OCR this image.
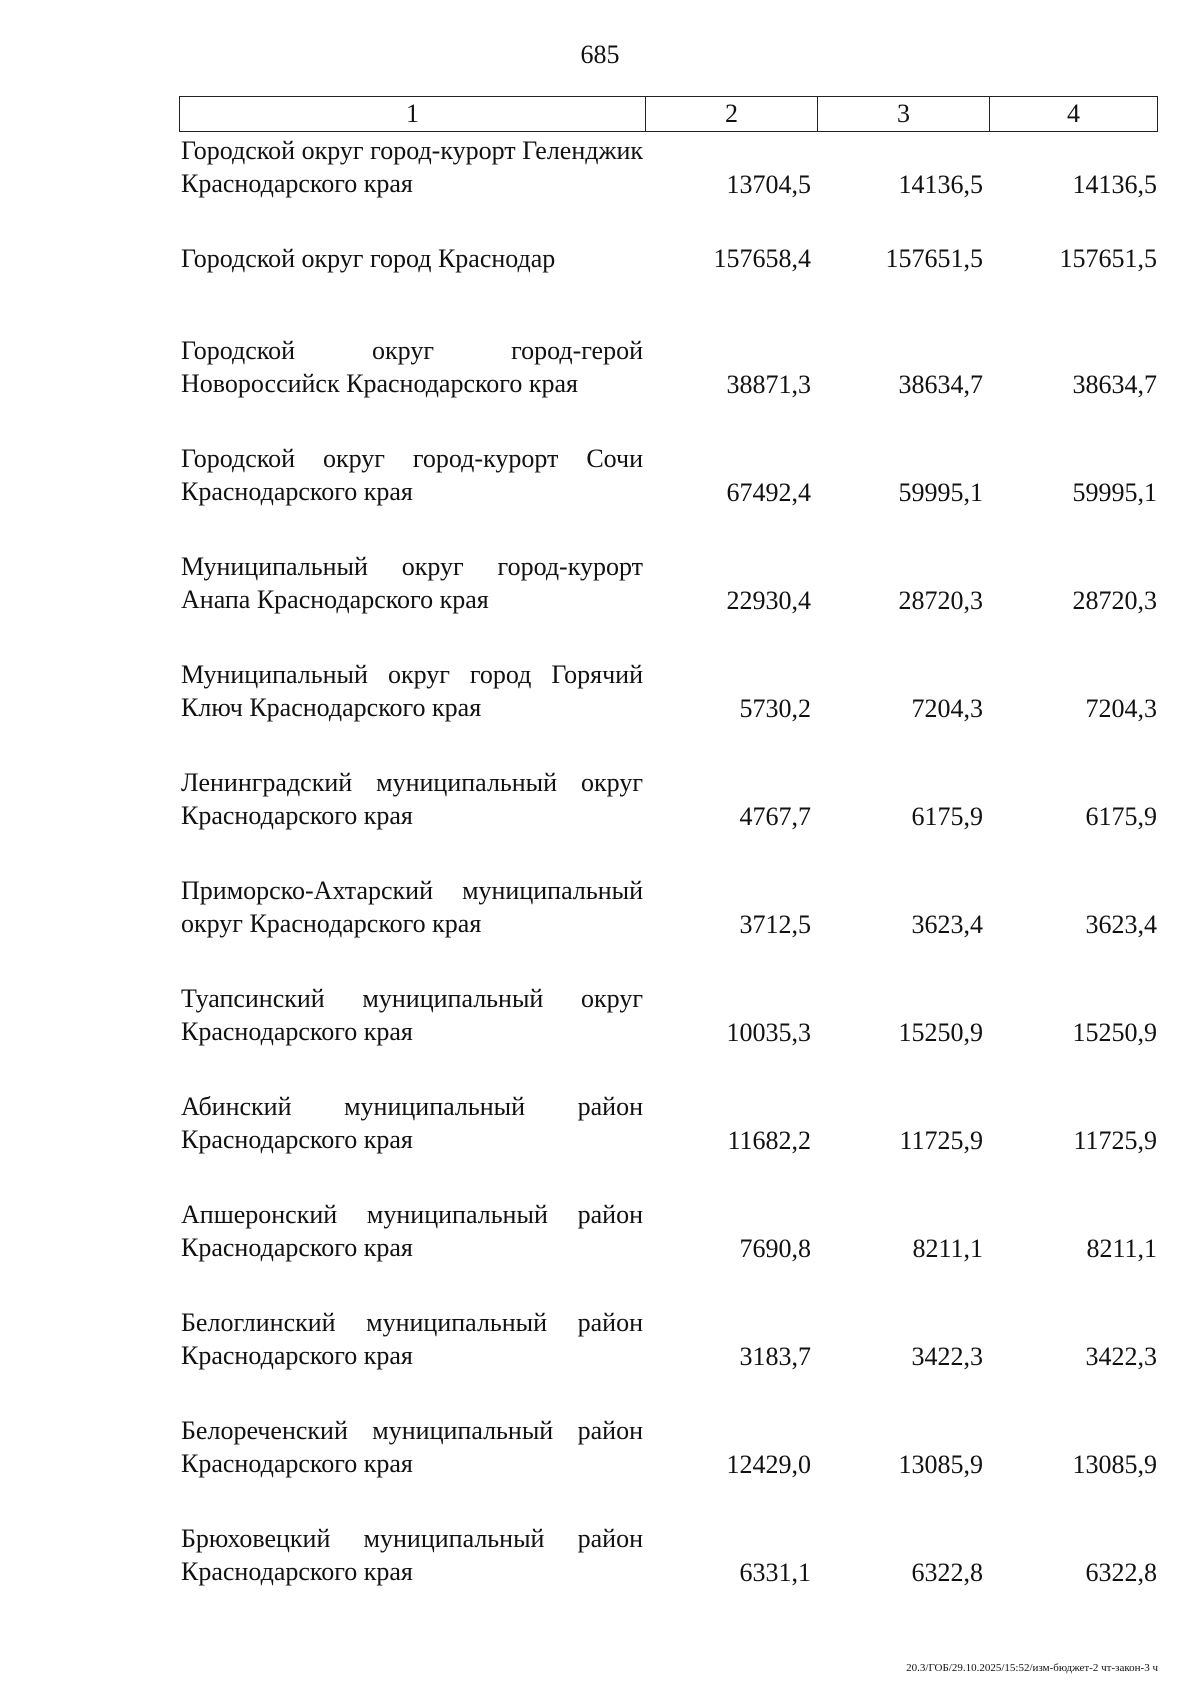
685
1	2	3	4
Городской округ город-курорт Геленджик Краснодарского края	13704,5	14136,5	14136,5
Городской округ город Краснодар	157658,4	157651,5	157651,5
Городской округ город-герой Новороссийск Краснодарского края	38871,3	38634,7	38634,7
Городской округ город-курорт Сочи Краснодарского края	67492,4	59995,1	59995,1
Муниципальный округ город-курорт Анапа Краснодарского края	22930,4	28720,3	28720,3
Муниципальный округ город Горячий Ключ Краснодарского края	5730,2	7204,3	7204,3
Ленинградский муниципальный округ Краснодарского края	4767,7	6175,9	6175,9
Приморско-Ахтарский муниципальный округ Краснодарского края	3712,5	3623,4	3623,4
Туапсинский муниципальный округ Краснодарского края	10035,3	15250,9	15250,9
Абинский муниципальный район Краснодарского края	11682,2	11725,9	11725,9
Апшеронский муниципальный район Краснодарского края	7690,8	8211,1	8211,1
Белоглинский муниципальный район Краснодарского края	3183,7	3422,3	3422,3
Белореченский муниципальный район Краснодарского края	12429,0	13085,9	13085,9
Брюховецкий муниципальный район Краснодарского края	6331,1	6322,8	6322,8
20.3/ГОБ/29.10.2025/15:52/изм-бюджет-2 чт-закон-3 ч
